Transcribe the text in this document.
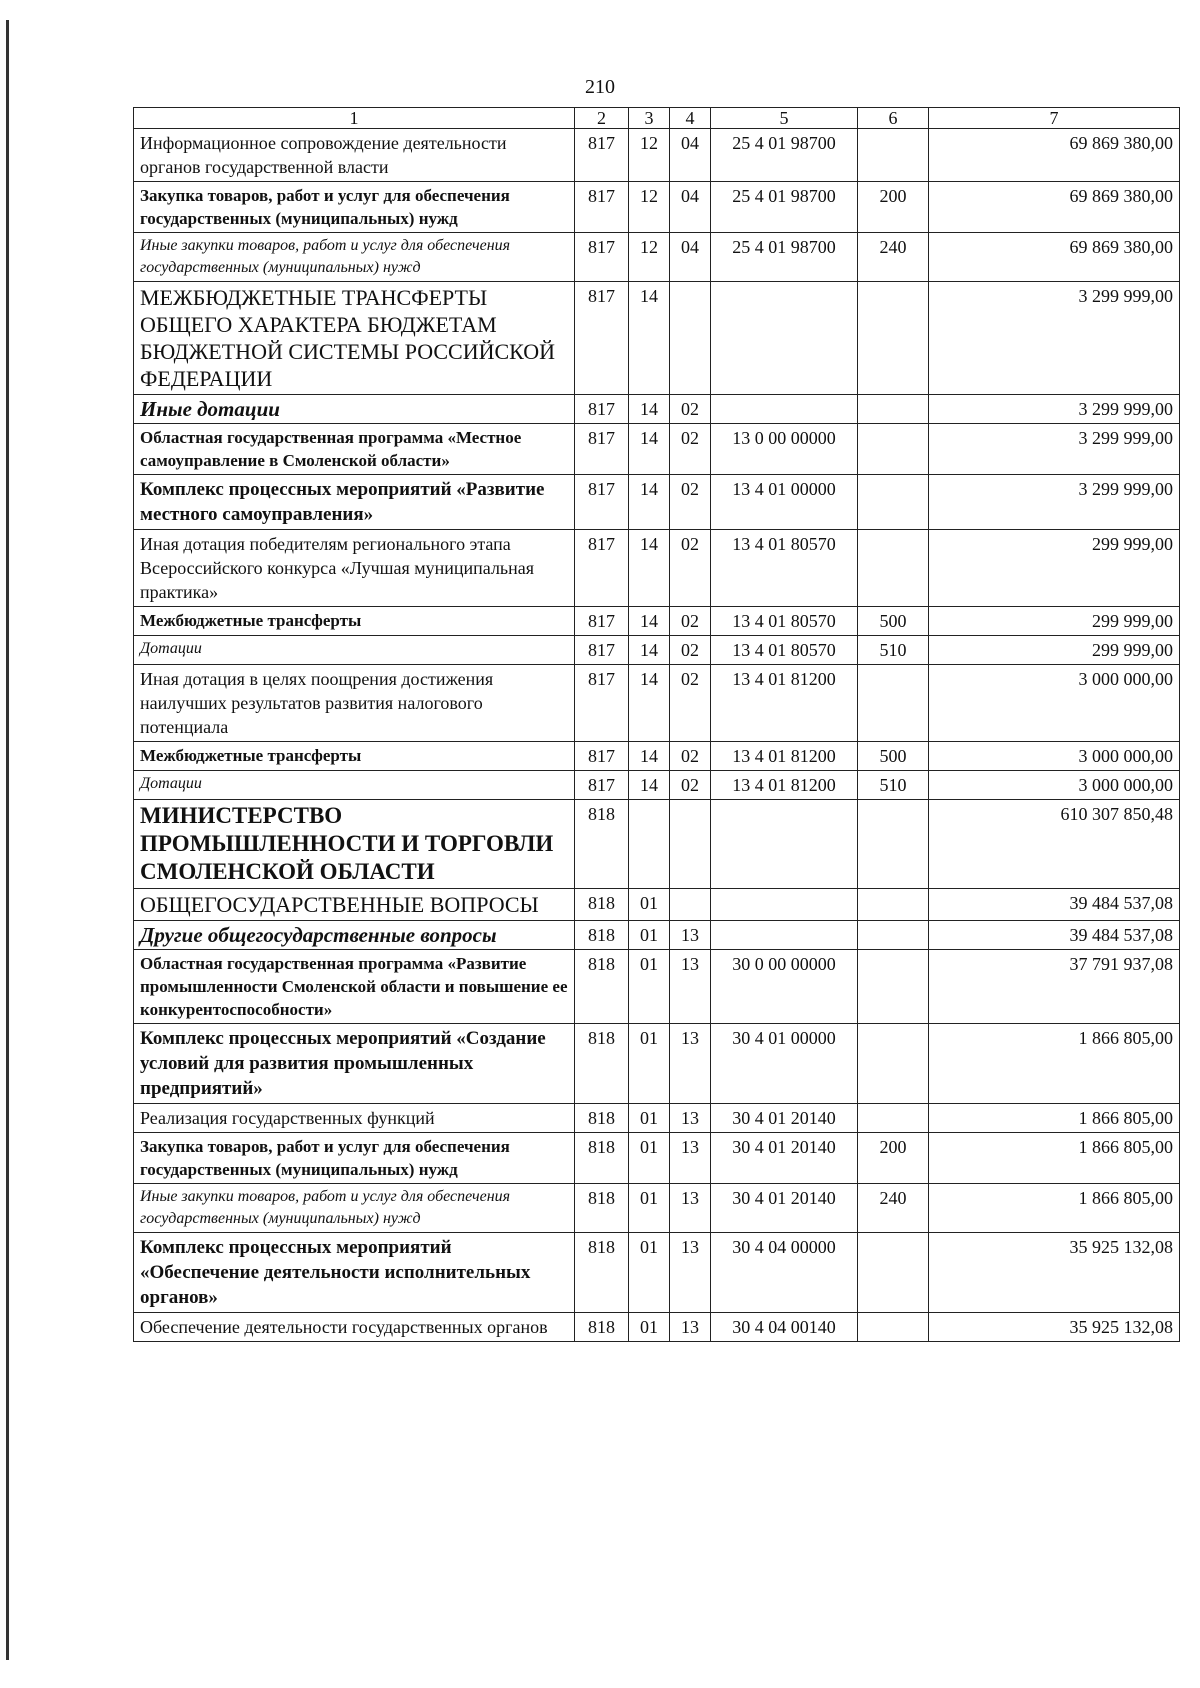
210
1	2	3	4	5	6	7
Информационное сопровождение деятельности органов государственной власти	817	12	04	25 4 01 98700		69 869 380,00
Закупка товаров, работ и услуг для обеспечения государственных (муниципальных) нужд	817	12	04	25 4 01 98700	200	69 869 380,00
Иные закупки товаров, работ и услуг для обеспечения государственных (муниципальных) нужд	817	12	04	25 4 01 98700	240	69 869 380,00
МЕЖБЮДЖЕТНЫЕ ТРАНСФЕРТЫ ОБЩЕГО ХАРАКТЕРА БЮДЖЕТАМ БЮДЖЕТНОЙ СИСТЕМЫ РОССИЙСКОЙ ФЕДЕРАЦИИ	817	14				3 299 999,00
Иные дотации	817	14	02			3 299 999,00
Областная государственная программа «Местное самоуправление в Смоленской области»	817	14	02	13 0 00 00000		3 299 999,00
Комплекс процессных мероприятий «Развитие местного самоуправления»	817	14	02	13 4 01 00000		3 299 999,00
Иная дотация победителям регионального этапа Всероссийского конкурса «Лучшая муниципальная практика»	817	14	02	13 4 01 80570		299 999,00
Межбюджетные трансферты	817	14	02	13 4 01 80570	500	299 999,00
Дотации	817	14	02	13 4 01 80570	510	299 999,00
Иная дотация в целях поощрения достижения наилучших результатов развития налогового потенциала	817	14	02	13 4 01 81200		3 000 000,00
Межбюджетные трансферты	817	14	02	13 4 01 81200	500	3 000 000,00
Дотации	817	14	02	13 4 01 81200	510	3 000 000,00
МИНИСТЕРСТВО ПРОМЫШЛЕННОСТИ И ТОРГОВЛИ СМОЛЕНСКОЙ ОБЛАСТИ	818					610 307 850,48
ОБЩЕГОСУДАРСТВЕННЫЕ ВОПРОСЫ	818	01				39 484 537,08
Другие общегосударственные вопросы	818	01	13			39 484 537,08
Областная государственная программа «Развитие промышленности Смоленской области и повышение ее конкурентоспособности»	818	01	13	30 0 00 00000		37 791 937,08
Комплекс процессных мероприятий «Создание условий для развития промышленных предприятий»	818	01	13	30 4 01 00000		1 866 805,00
Реализация государственных функций	818	01	13	30 4 01 20140		1 866 805,00
Закупка товаров, работ и услуг для обеспечения государственных (муниципальных) нужд	818	01	13	30 4 01 20140	200	1 866 805,00
Иные закупки товаров, работ и услуг для обеспечения государственных (муниципальных) нужд	818	01	13	30 4 01 20140	240	1 866 805,00
Комплекс процессных мероприятий «Обеспечение деятельности исполнительных органов»	818	01	13	30 4 04 00000		35 925 132,08
Обеспечение деятельности государственных органов	818	01	13	30 4 04 00140		35 925 132,08
